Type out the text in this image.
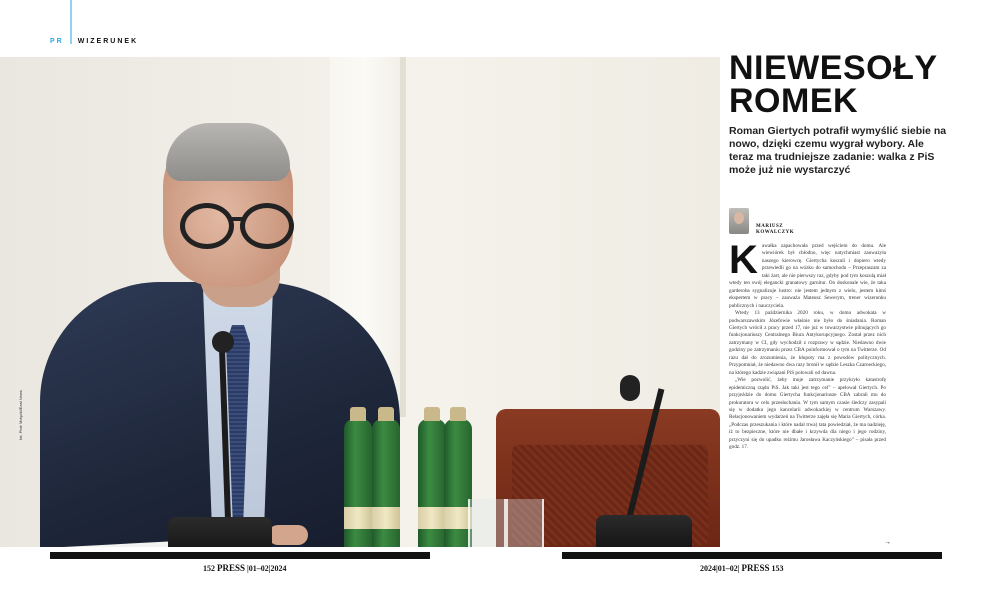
PR WIZERUNEK
fot. Piotr Molęcki/East News
NIEWESOŁY
ROMEK
Roman Giertych potrafił wymyślić siebie na nowo, dzięki czemu wygrał wybory. Ale teraz ma trudniejsze zadanie: walka z PiS może już nie wystarczyć
MARIUSZ
KOWALCZYK
K awałka zapachowała przed wejściem do domu. Ale wiewiórek był chłodno, więc natychmiast zauważyła naszego kierowcę. Giertycha koszuli i dopiero wtedy przewiedli go na wózku do samochodu – Przepraszam za taki żart, ale nie pierwszy raz, gdyby pod tym koszulą miał wtedy ten swój elegancki granatowy garnitur. On doskonale wie, że taka garderoba sygnalizuje lustro: nie jestem jednym z wielu, jestem kimś ekspertem w pracy – zauważa Mateusz Sewerym, trener wizerunku publicznych i nauczyciela.

Wtedy 13 października 2020 roku, w domu adwokata w podwarszawskim Józefowie właśnie nie było do śniadania. Roman Giertych wrócił z pracy przed 17, nie już w towarzystwie pilnujących go funkcjonariuszy Centralnego Biura Antykorupcyjnego. Został przez nich zatrzymany w CI, gdy wychodził z rozprawy w sądzie. Niedawno dwie godziny po zatrzymaniu przez CBA poinformował o tym na Twitterze. Od razu dał do zrozumienia, że kłopoty ma z powodów politycznych. Przypomniał, że niedawno dwa razy bronił w sądzie Leszka Czarneckiego, na którego kadzie związani PiS polowali od dawna.

„Wie pozwolić, żeby moje zatrzymanie przykryło katastrofę epidemiczną rządu PiS. Jak taki jest tego cel” – apelował Giertych. Po przyjeździe do domu Giertycha funkcjonariusze CBA zabrali mu do prokuratora w celu przesłuchania. W tym samym czasie śledczy zasypali się w dodatku jego kancelarii adwokackiej w centrum Warszawy. Relacjonowaniem wydarzeń na Twitterze zajęła się Maria Giertych, córka. „Podczas przeszukania i które nadal trwa) tata powiedział, że ma nadzieję, iż to bezpieczne, które nie dbałe i krzywda dla niego i jego rodziny, przyczyni się do upadku reżimu Jarosława Kaczyńskiego” – pisała przed godz. 17.

→
152 PRESS |01–02|2024	2024|01–02| PRESS 153
